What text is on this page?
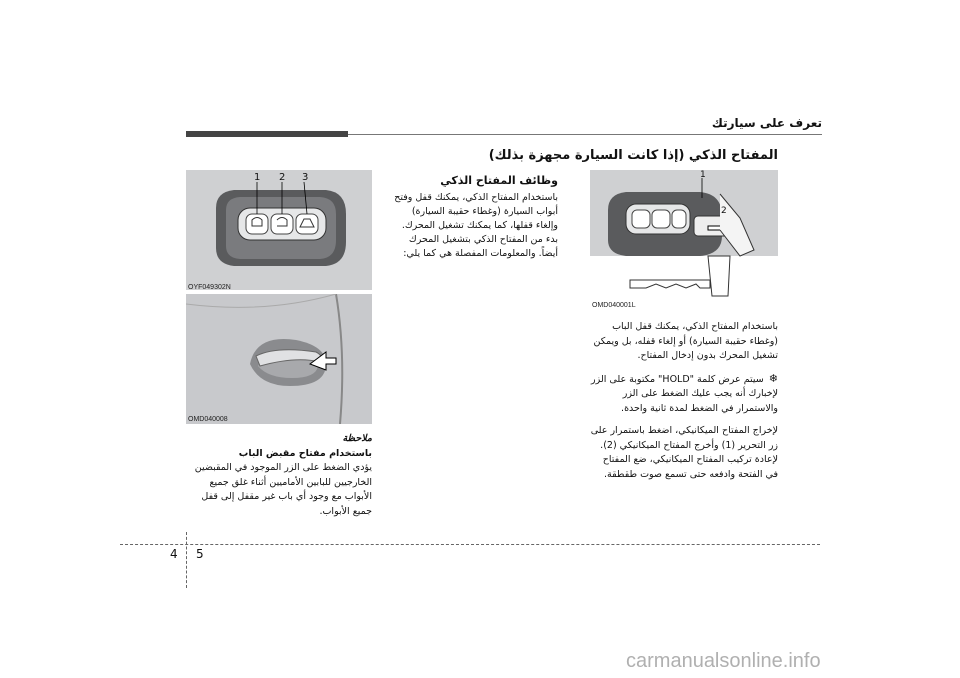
تعرف على سيارتك
المفتاح الذكي (إذا كانت السيارة مجهزة بذلك)
1 2 3
OYF049302N
OMD040008
1
2
OMD040001L
وظائف المفتاح الذكي
باستخدام المفتاح الذكي، يمكنك قفل وفتح أبواب السيارة (وغطاء حقيبة السيارة) وإلغاء قفلها، كما يمكنك تشغيل المحرك. بدء من المفتاح الذكي بتشغيل المحرك أيضاً. والمعلومات المفصلة هي كما يلي:

باستخدام المفتاح الذكي، يمكنك قفل الباب (وغطاء حقيبة السيارة) أو إلغاء قفله، بل ويمكن تشغيل المحرك بدون إدخال المفتاح.

❄ سيتم عرض كلمة "HOLD" مكتوبة على الزر لإخبارك أنه يجب عليك الضغط على الزر والاستمرار في الضغط لمدة ثانية واحدة.

لإخراج المفتاح الميكانيكي، اضغط باستمرار على زر التحرير (1) وأخرج المفتاح الميكانيكي (2). لإعادة تركيب المفتاح الميكانيكي، ضع المفتاح في الفتحة وادفعه حتى تسمع صوت طقطقة.

ملاحظة
باستخدام مفتاح مقبض الباب
يؤدي الضغط على الزر الموجود في المقبضين الخارجيين للبابين الأماميين أثناء غلق جميع الأبواب مع وجود أي باب غير مقفل إلى قفل جميع الأبواب.
4 5
carmanualsonline.info
